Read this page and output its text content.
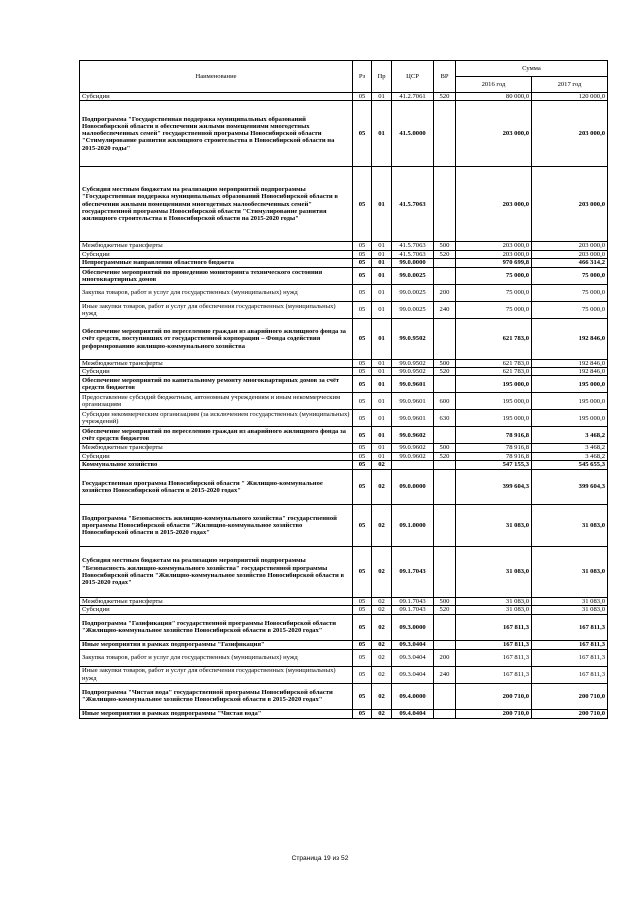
Наименование	Рз	Пр	ЦСР	ВР	Сумма	
					2016 год	2017 год
Субсидии	05	01	41.2.7061	520	80 000,0	120 000,0
Подпрограмма "Государственная поддержка муниципальных образований Новосибирской области в обеспечении жилыми помещениями многодетных малообеспеченных семей" государственной программы Новосибирской области "Стимулирование развития жилищного строительства в Новосибирской области на 2015-2020 годы"	05	01	41.5.0000		203 000,0	203 000,0
Субсидия местным бюджетам на реализацию мероприятий подпрограммы "Государственная поддержка муниципальных образований Новосибирской области в обеспечении жилыми помещениями многодетных малообеспеченных семей" государственной программы Новосибирской области "Стимулирование развития жилищного строительства в Новосибирской области на 2015-2020 годы"	05	01	41.5.7063		203 000,0	203 000,0
Межбюджетные трансферты	05	01	41.5.7063	500	203 000,0	203 000,0
Субсидии	05	01	41.5.7063	520	203 000,0	203 000,0
Непрограммные направления областного бюджета	05	01	99.0.0000		970 699,8	466 314,2
Обеспечение мероприятий по проведению мониторинга технического состояния многоквартирных домов	05	01	99.0.0025		75 000,0	75 000,0
Закупка товаров, работ и услуг для государственных (муниципальных) нужд	05	01	99.0.0025	200	75 000,0	75 000,0
Иные закупки товаров, работ и услуг для обеспечения государственных (муниципальных) нужд	05	01	99.0.0025	240	75 000,0	75 000,0
Обеспечение мероприятий по переселению граждан из аварийного жилищного фонда за счёт средств, поступивших от государственной корпорации – Фонда содействия реформированию жилищно-коммунального хозяйства	05	01	99.0.9502		621 783,0	192 846,0
Межбюджетные трансферты	05	01	99.0.9502	500	621 783,0	192 846,0
Субсидии	05	01	99.0.9502	520	621 783,0	192 846,0
Обеспечение мероприятий по капитальному ремонту многоквартирных домов за счёт средств бюджетов	05	01	99.0.9601		195 000,0	195 000,0
Предоставление субсидий бюджетным, автономным учреждениям и иным некоммерческим организациям	05	01	99.0.9601	600	195 000,0	195 000,0
Субсидии некоммерческим организациям (за исключением государственных (муниципальных) учреждений)	05	01	99.0.9601	630	195 000,0	195 000,0
Обеспечение мероприятий по переселению граждан из аварийного жилищного фонда за счёт средств бюджетов	05	01	99.0.9602		78 916,8	3 468,2
Межбюджетные трансферты	05	01	99.0.9602	500	78 916,8	3 468,2
Субсидии	05	01	99.0.9602	520	78 916,8	3 468,2
Коммунальное хозяйство	05	02			547 155,3	545 655,3
Государственная программа Новосибирской области " Жилищно-коммунальное хозяйство Новосибирской области в 2015-2020 годах"	05	02	09.0.0000		399 604,3	399 604,3
Подпрограмма "Безопасность жилищно-коммунального хозяйства" государственной программы Новосибирской области "Жилищно-коммунальное хозяйство Новосибирской области в 2015-2020 годах"	05	02	09.1.0000		31 083,0	31 083,0
Субсидия местным бюджетам на реализацию мероприятий подпрограммы "Безопасность жилищно-коммунального хозяйства" государственной программы Новосибирской области "Жилищно-коммунальное хозяйство Новосибирской области в 2015-2020 годах"	05	02	09.1.7043		31 083,0	31 083,0
Межбюджетные трансферты	05	02	09.1.7043	500	31 083,0	31 083,0
Субсидии	05	02	09.1.7043	520	31 083,0	31 083,0
Подпрограмма "Газификация" государственной программы Новосибирской области "Жилищно-коммунальное хозяйство Новосибирской области в 2015-2020 годах"	05	02	09.3.0000		167 811,3	167 811,3
Иные мероприятия в рамках подпрограммы "Газификация"	05	02	09.3.0404		167 811,3	167 811,3
Закупка товаров, работ и услуг для государственных (муниципальных) нужд	05	02	09.3.0404	200	167 811,3	167 811,3
Иные закупки товаров, работ и услуг для обеспечения государственных (муниципальных) нужд	05	02	09.3.0404	240	167 811,3	167 811,3
Подпрограмма "Чистая вода" государственной программы Новосибирской области "Жилищно-коммунальное хозяйство Новосибирской области в 2015-2020 годах"	05	02	09.4.0000		200 710,0	200 710,0
Иные мероприятия в рамках подпрограммы "Чистая вода"	05	02	09.4.0404		200 710,0	200 710,0
Страница 19 из 52
